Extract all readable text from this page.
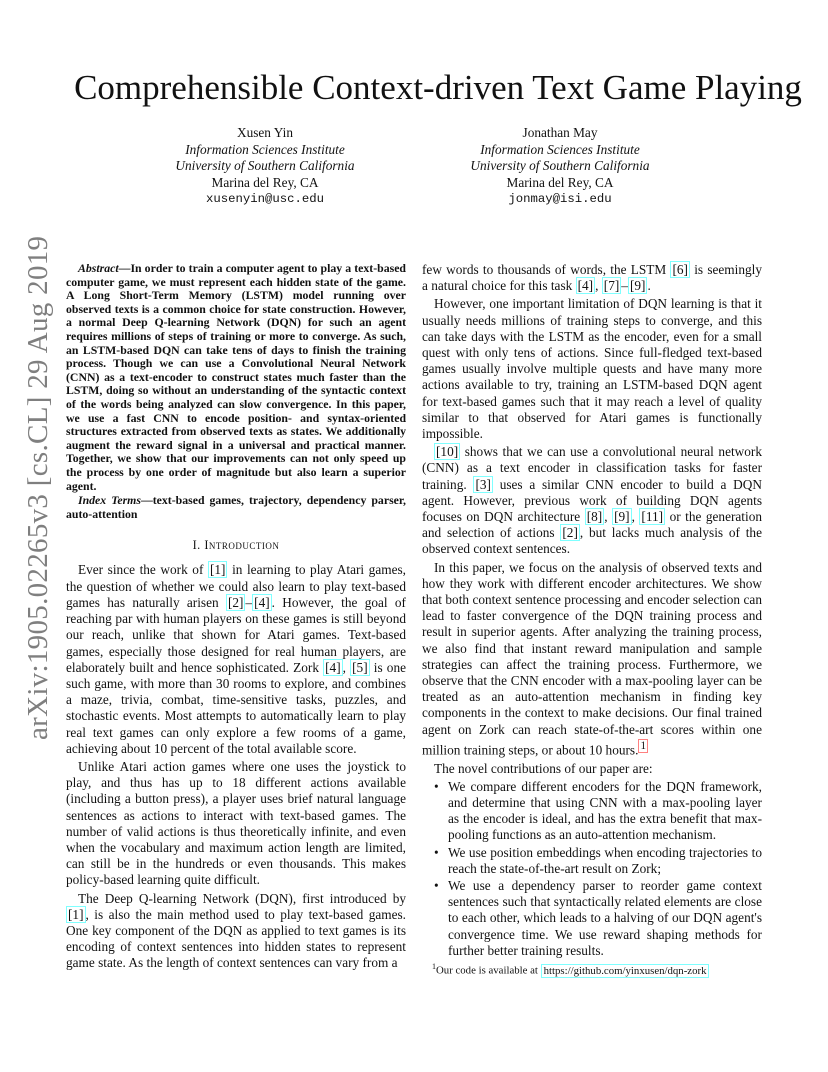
arXiv:1905.02265v3 [cs.CL] 29 Aug 2019
Comprehensible Context-driven Text Game Playing
Xusen Yin
Information Sciences Institute
University of Southern California
Marina del Rey, CA
xusenyin@usc.edu
Jonathan May
Information Sciences Institute
University of Southern California
Marina del Rey, CA
jonmay@isi.edu
Abstract—In order to train a computer agent to play a text-based computer game, we must represent each hidden state of the game. A Long Short-Term Memory (LSTM) model running over observed texts is a common choice for state construction. However, a normal Deep Q-learning Network (DQN) for such an agent requires millions of steps of training or more to converge. As such, an LSTM-based DQN can take tens of days to finish the training process. Though we can use a Convolutional Neural Network (CNN) as a text-encoder to construct states much faster than the LSTM, doing so without an understanding of the syntactic context of the words being analyzed can slow convergence. In this paper, we use a fast CNN to encode position- and syntax-oriented structures extracted from observed texts as states. We additionally augment the reward signal in a universal and practical manner. Together, we show that our improvements can not only speed up the process by one order of magnitude but also learn a superior agent.
Index Terms—text-based games, trajectory, dependency parser, auto-attention
I. Introduction

Ever since the work of [1] in learning to play Atari games, the question of whether we could also learn to play text-based games has naturally arisen [2] – [4] . However, the goal of reaching par with human players on these games is still beyond our reach, unlike that shown for Atari games. Text-based games, especially those designed for real human players, are elaborately built and hence sophisticated. Zork [4] , [5] is one such game, with more than 30 rooms to explore, and combines a maze, trivia, combat, time-sensitive tasks, puzzles, and stochastic events. Most attempts to automatically learn to play real text games can only explore a few rooms of a game, achieving about 10 percent of the total available score.

Unlike Atari action games where one uses the joystick to play, and thus has up to 18 different actions available (including a button press), a player uses brief natural language sentences as actions to interact with text-based games. The number of valid actions is thus theoretically infinite, and even when the vocabulary and maximum action length are limited, can still be in the hundreds or even thousands. This makes policy-based learning quite difficult.

The Deep Q-learning Network (DQN), first introduced by [1] , is also the main method used to play text-based games. One key component of the DQN as applied to text games is its encoding of context sentences into hidden states to represent game state. As the length of context sentences can vary from a

few words to thousands of words, the LSTM [6] is seemingly a natural choice for this task [4] , [7] – [9] .

However, one important limitation of DQN learning is that it usually needs millions of training steps to converge, and this can take days with the LSTM as the encoder, even for a small quest with only tens of actions. Since full-fledged text-based games usually involve multiple quests and have many more actions available to try, training an LSTM-based DQN agent for text-based games such that it may reach a level of quality similar to that observed for Atari games is functionally impossible.

[10] shows that we can use a convolutional neural network (CNN) as a text encoder in classification tasks for faster training. [3] uses a similar CNN encoder to build a DQN agent. However, previous work of building DQN agents focuses on DQN architecture [8] , [9] , [11] or the generation and selection of actions [2] , but lacks much analysis of the observed context sentences.

In this paper, we focus on the analysis of observed texts and how they work with different encoder architectures. We show that both context sentence processing and encoder selection can lead to faster convergence of the DQN training process and result in superior agents. After analyzing the training process, we also find that instant reward manipulation and sample strategies can affect the training process. Furthermore, we observe that the CNN encoder with a max-pooling layer can be treated as an auto-attention mechanism in finding key components in the context to make decisions. Our final trained agent on Zork can reach state-of-the-art scores within one million training steps, or about 10 hours. $^1$

The novel contributions of our paper are:

• We compare different encoders for the DQN framework, and determine that using CNN with a max-pooling layer as the encoder is ideal, and has the extra benefit that max-pooling functions as an auto-attention mechanism.
• We use position embeddings when encoding trajectories to reach the state-of-the-art result on Zork;
• We use a dependency parser to reorder game context sentences such that syntactically related elements are close to each other, which leads to a halving of our DQN agent's convergence time. We use reward shaping methods for further better training results.
$^1$Our code is available at https://github.com/yinxusen/dqn-zork
